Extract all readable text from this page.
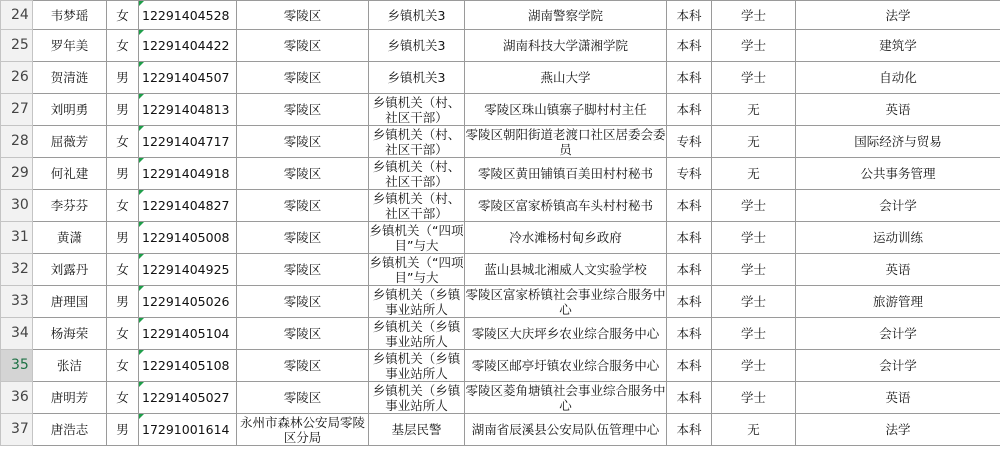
24	韦梦瑶	女	12291404528	零陵区	乡镇机关3	湖南警察学院	本科	学士	法学
25	罗年美	女	12291404422	零陵区	乡镇机关3	湖南科技大学潇湘学院	本科	学士	建筑学
26	贺清涟	男	12291404507	零陵区	乡镇机关3	燕山大学	本科	学士	自动化
27	刘明勇	男	12291404813	零陵区	乡镇机关（村、社区干部）	零陵区珠山镇寨子脚村村主任	本科	无	英语
28	屈薇芳	女	12291404717	零陵区	乡镇机关（村、社区干部）	零陵区朝阳街道老渡口社区居委会委员	专科	无	国际经济与贸易
29	何礼建	男	12291404918	零陵区	乡镇机关（村、社区干部）	零陵区黄田铺镇百美田村村秘书	专科	无	公共事务管理
30	李芬芬	女	12291404827	零陵区	乡镇机关（村、社区干部）	零陵区富家桥镇高车头村村秘书	本科	学士	会计学
31	黄潇	男	12291405008	零陵区	乡镇机关（“四项目”与大	冷水滩杨村甸乡政府	本科	学士	运动训练
32	刘露丹	女	12291404925	零陵区	乡镇机关（“四项目”与大	蓝山县城北湘威人文实验学校	本科	学士	英语
33	唐理国	男	12291405026	零陵区	乡镇机关（乡镇事业站所人	零陵区富家桥镇社会事业综合服务中心	本科	学士	旅游管理
34	杨海荣	女	12291405104	零陵区	乡镇机关（乡镇事业站所人	零陵区大庆坪乡农业综合服务中心	本科	学士	会计学
35	张洁	女	12291405108	零陵区	乡镇机关（乡镇事业站所人	零陵区邮亭圩镇农业综合服务中心	本科	学士	会计学
36	唐明芳	女	12291405027	零陵区	乡镇机关（乡镇事业站所人	零陵区菱角塘镇社会事业综合服务中心	本科	学士	英语
37	唐浩志	男	17291001614	永州市森林公安局零陵区分局	基层民警	湖南省辰溪县公安局队伍管理中心	本科	无	法学
